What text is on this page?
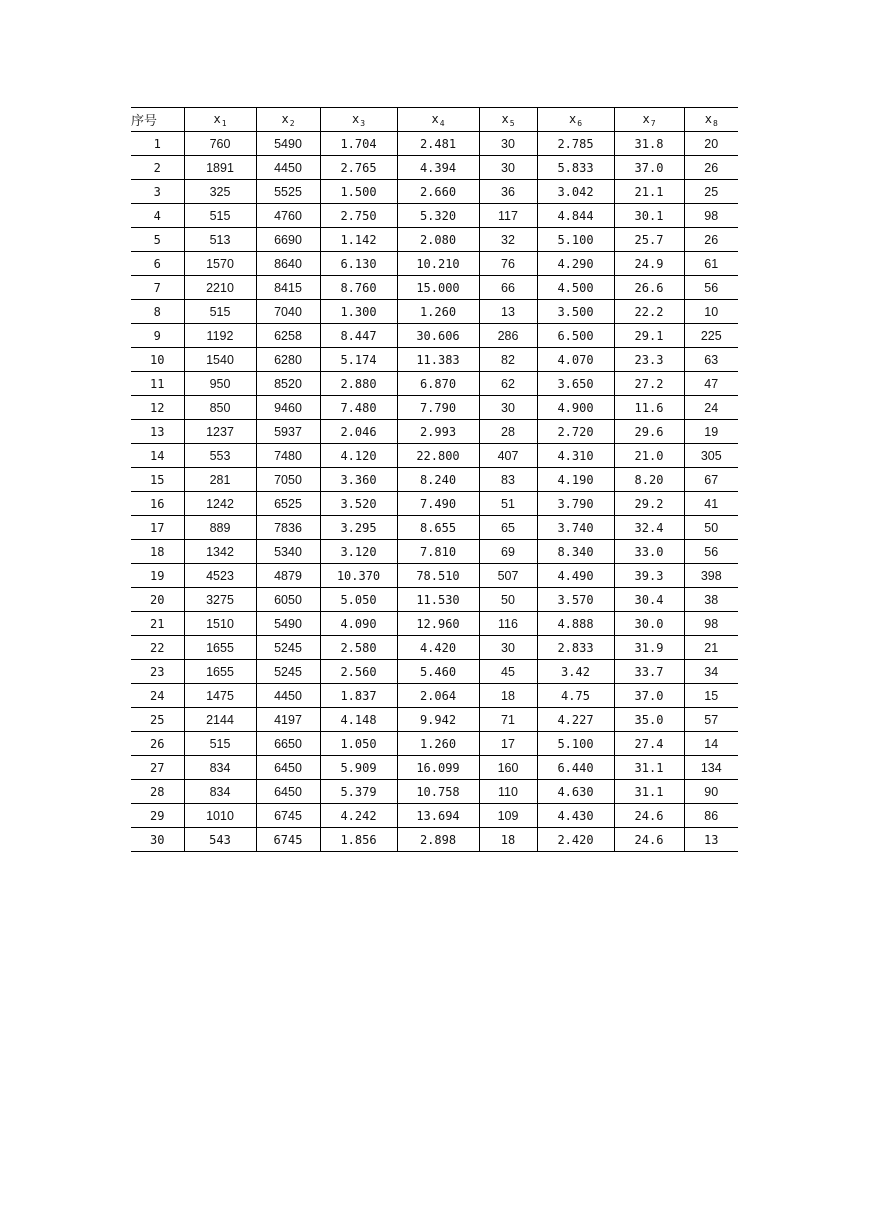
序号	$x_1$	$x_2$	$x_3$	$x_4$	$x_5$	$x_6$	$x_7$	$x_8$
1	760	5490	1.704	2.481	30	2.785	31.8	20
2	1891	4450	2.765	4.394	30	5.833	37.0	26
3	325	5525	1.500	2.660	36	3.042	21.1	25
4	515	4760	2.750	5.320	117	4.844	30.1	98
5	513	6690	1.142	2.080	32	5.100	25.7	26
6	1570	8640	6.130	10.210	76	4.290	24.9	61
7	2210	8415	8.760	15.000	66	4.500	26.6	56
8	515	7040	1.300	1.260	13	3.500	22.2	10
9	1192	6258	8.447	30.606	286	6.500	29.1	225
10	1540	6280	5.174	11.383	82	4.070	23.3	63
11	950	8520	2.880	6.870	62	3.650	27.2	47
12	850	9460	7.480	7.790	30	4.900	11.6	24
13	1237	5937	2.046	2.993	28	2.720	29.6	19
14	553	7480	4.120	22.800	407	4.310	21.0	305
15	281	7050	3.360	8.240	83	4.190	8.20	67
16	1242	6525	3.520	7.490	51	3.790	29.2	41
17	889	7836	3.295	8.655	65	3.740	32.4	50
18	1342	5340	3.120	7.810	69	8.340	33.0	56
19	4523	4879	10.370	78.510	507	4.490	39.3	398
20	3275	6050	5.050	11.530	50	3.570	30.4	38
21	1510	5490	4.090	12.960	116	4.888	30.0	98
22	1655	5245	2.580	4.420	30	2.833	31.9	21
23	1655	5245	2.560	5.460	45	3.42	33.7	34
24	1475	4450	1.837	2.064	18	4.75	37.0	15
25	2144	4197	4.148	9.942	71	4.227	35.0	57
26	515	6650	1.050	1.260	17	5.100	27.4	14
27	834	6450	5.909	16.099	160	6.440	31.1	134
28	834	6450	5.379	10.758	110	4.630	31.1	90
29	1010	6745	4.242	13.694	109	4.430	24.6	86
30	543	6745	1.856	2.898	18	2.420	24.6	13
